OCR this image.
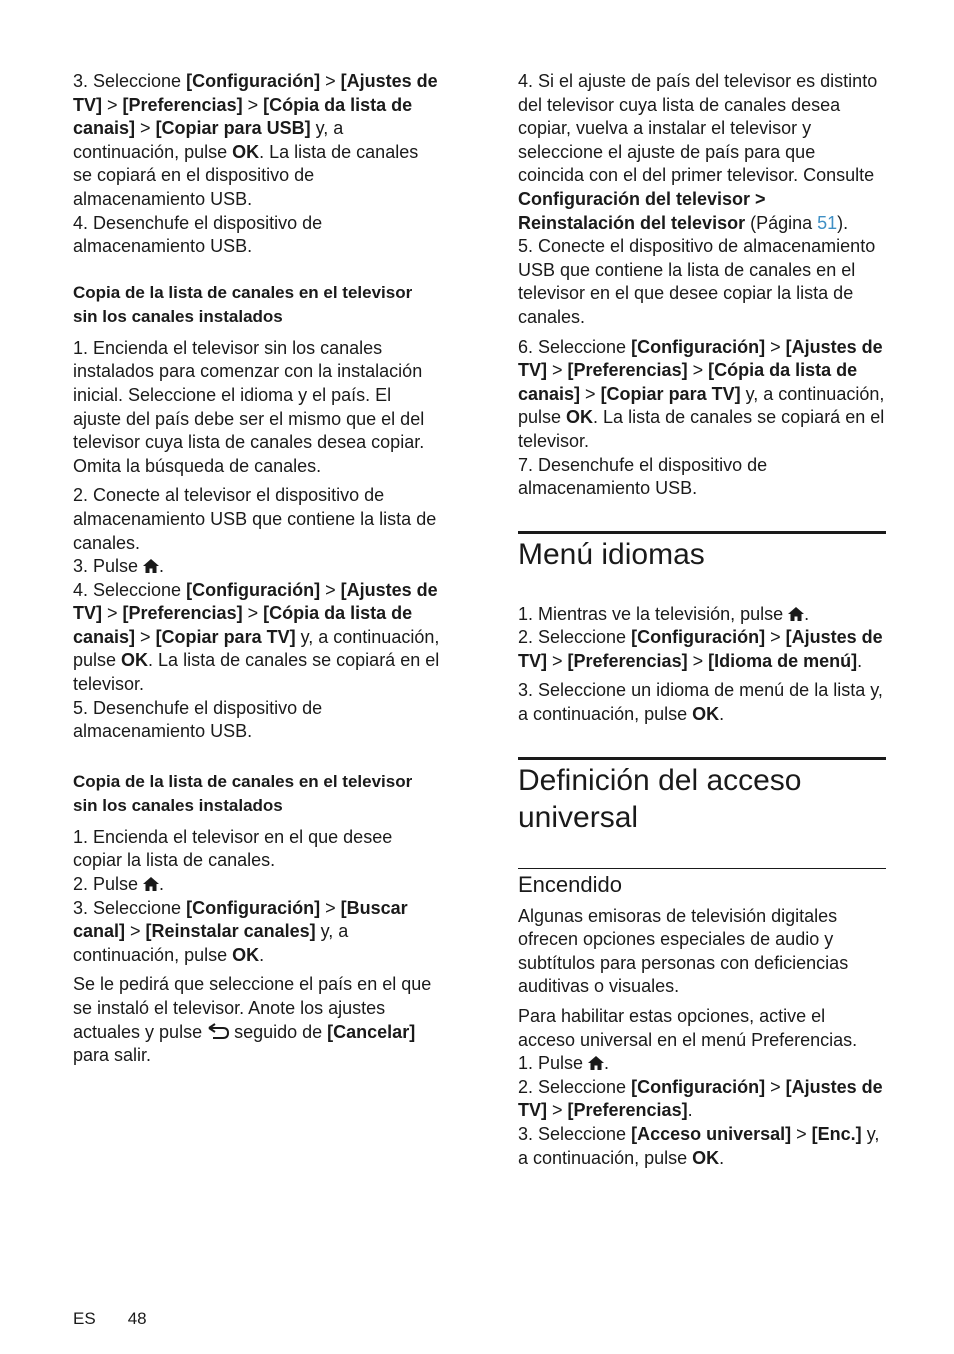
3. Seleccione [Configuración] > [Ajustes de TV] > [Preferencias] > [Cópia da lista de canais] > [Copiar para USB] y, a continuación, pulse OK. La lista de canales se copiará en el dispositivo de almacenamiento USB.
4. Desenchufe el dispositivo de almacenamiento USB.

Copia de la lista de canales en el televisor sin los canales instalados

1. Encienda el televisor sin los canales instalados para comenzar con la instalación inicial. Seleccione el idioma y el país. El ajuste del país debe ser el mismo que el del televisor cuya lista de canales desea copiar. Omita la búsqueda de canales.

2. Conecte al televisor el dispositivo de almacenamiento USB que contiene la lista de canales.
3. Pulse .
4. Seleccione [Configuración] > [Ajustes de TV] > [Preferencias] > [Cópia da lista de canais] > [Copiar para TV] y, a continuación, pulse OK. La lista de canales se copiará en el televisor.
5. Desenchufe el dispositivo de almacenamiento USB.

Copia de la lista de canales en el televisor sin los canales instalados

1. Encienda el televisor en el que desee copiar la lista de canales.
2. Pulse .
3. Seleccione [Configuración] > [Buscar canal] > [Reinstalar canales] y, a continuación, pulse OK.

Se le pedirá que seleccione el país en el que se instaló el televisor. Anote los ajustes actuales y pulse  seguido de [Cancelar] para salir.

4. Si el ajuste de país del televisor es distinto del televisor cuya lista de canales desea copiar, vuelva a instalar el televisor y seleccione el ajuste de país para que coincida con el del primer televisor. Consulte Configuración del televisor > Reinstalación del televisor (Página 51).
5. Conecte el dispositivo de almacenamiento USB que contiene la lista de canales en el televisor en el que desee copiar la lista de canales.

6. Seleccione [Configuración] > [Ajustes de TV] > [Preferencias] > [Cópia da lista de canais] > [Copiar para TV] y, a continuación, pulse OK. La lista de canales se copiará en el televisor.
7. Desenchufe el dispositivo de almacenamiento USB.

Menú idiomas

1. Mientras ve la televisión, pulse .
2. Seleccione [Configuración] > [Ajustes de TV] > [Preferencias] > [Idioma de menú].

3. Seleccione un idioma de menú de la lista y, a continuación, pulse OK.

Definición del acceso
universal
Encendido

Algunas emisoras de televisión digitales ofrecen opciones especiales de audio y subtítulos para personas con deficiencias auditivas o visuales.

Para habilitar estas opciones, active el acceso universal en el menú Preferencias.
1. Pulse .
2. Seleccione [Configuración] > [Ajustes de TV] > [Preferencias].
3. Seleccione [Acceso universal] > [Enc.] y, a continuación, pulse OK.

ES 48
